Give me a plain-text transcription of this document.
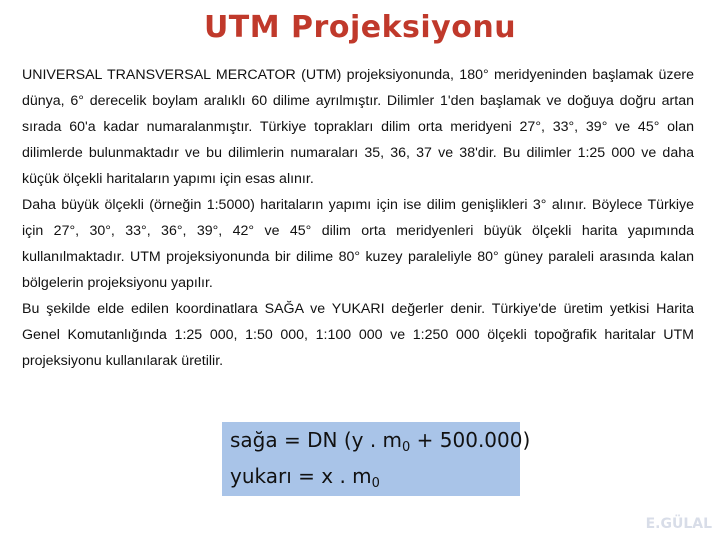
UTM Projeksiyonu

UNIVERSAL TRANSVERSAL MERCATOR (UTM) projeksiyonunda, 180° meridyeninden başlamak üzere dünya, 6° derecelik boylam aralıklı 60 dilime ayrılmıştır. Dilimler 1'den başlamak ve doğuya doğru artan sırada 60'a kadar numaralanmıştır. Türkiye toprakları dilim orta meridyeni 27°, 33°, 39° ve 45° olan dilimlerde bulunmaktadır ve bu dilimlerin numaraları 35, 36, 37 ve 38'dir. Bu dilimler 1:25 000 ve daha küçük ölçekli haritaların yapımı için esas alınır.

Daha büyük ölçekli (örneğin 1:5000) haritaların yapımı için ise dilim genişlikleri 3° alınır. Böylece Türkiye için 27°, 30°, 33°, 36°, 39°, 42° ve 45° dilim orta meridyenleri büyük ölçekli harita yapımında kullanılmaktadır. UTM projeksiyonunda bir dilime 80° kuzey paraleliyle 80° güney paraleli arasında kalan bölgelerin projeksiyonu yapılır.

Bu şekilde elde edilen koordinatlara SAĞA ve YUKARI değerler denir. Türkiye'de üretim yetkisi Harita Genel Komutanlığında 1:25 000, 1:50 000, 1:100 000 ve 1:250 000 ölçekli topoğrafik haritalar UTM projeksiyonu kullanılarak üretilir.

sağa = DN (y . $m_0 + 500.000$)
yukarı = x . $m_0$
E.GÜLAL
